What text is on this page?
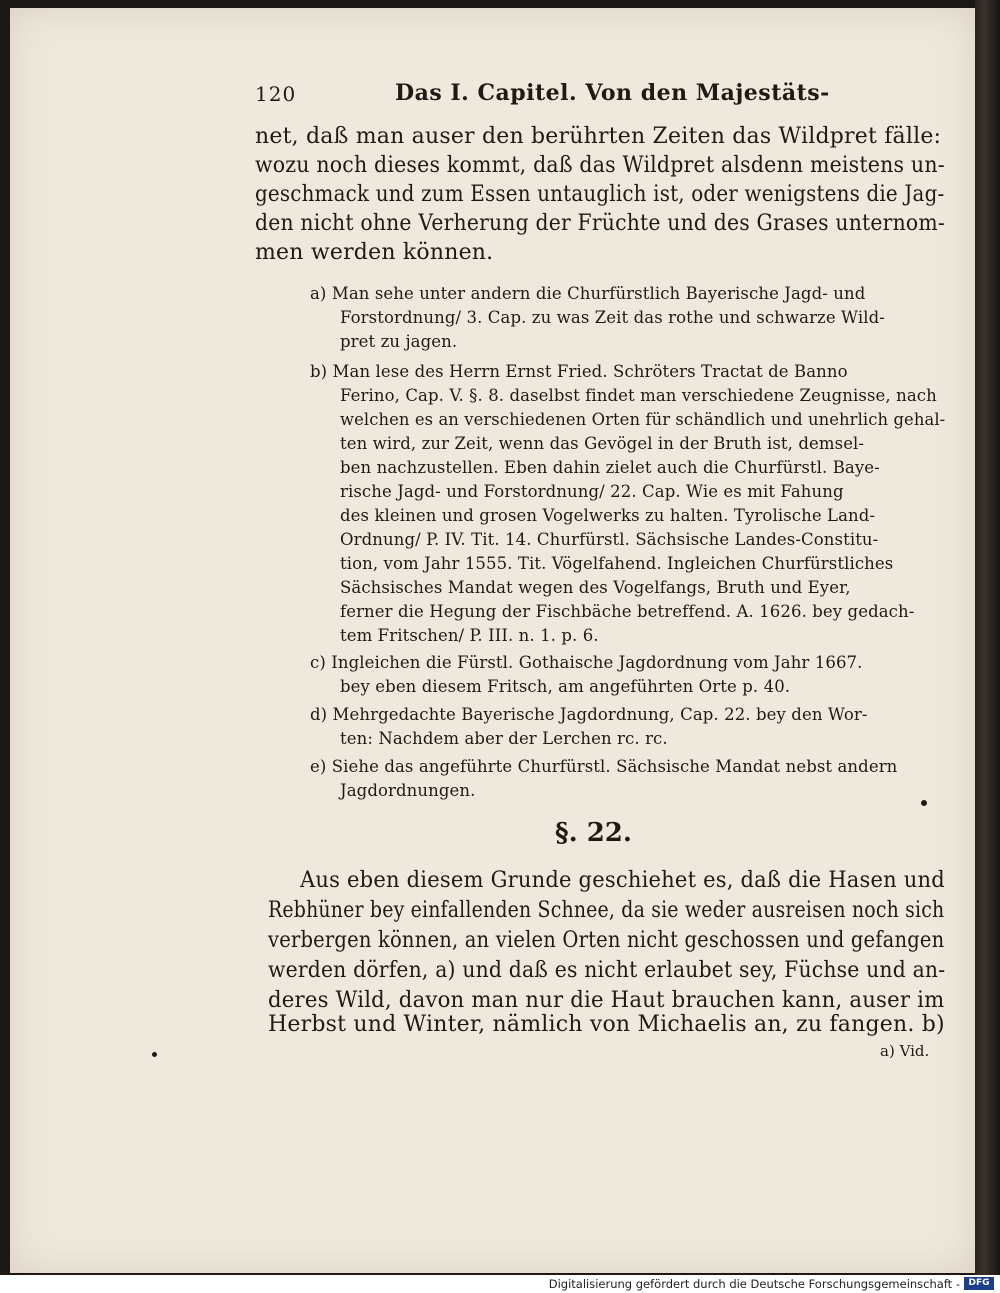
120	Das I. Capitel. Von den Majestäts-
net, daß man auser den berührten Zeiten das Wildpret fälle:
wozu noch dieses kommt, daß das Wildpret alsdenn meistens un-
geschmack und zum Essen untauglich ist, oder wenigstens die Jag-
den nicht ohne Verherung der Früchte und des Grases unternom-
men werden können.
a) Man sehe unter andern die Churfürstlich Bayerische Jagd- und
Forstordnung/ 3. Cap. zu was Zeit das rothe und schwarze Wild-
pret zu jagen.
b) Man lese des Herrn Ernst Fried. Schröters Tractat de Banno
Ferino, Cap. V. §. 8. daselbst findet man verschiedene Zeugnisse, nach
welchen es an verschiedenen Orten für schändlich und unehrlich gehal-
ten wird, zur Zeit, wenn das Gevögel in der Bruth ist, demsel-
ben nachzustellen. Eben dahin zielet auch die Churfürstl. Baye-
rische Jagd- und Forstordnung/ 22. Cap. Wie es mit Fahung
des kleinen und grosen Vogelwerks zu halten. Tyrolische Land-
Ordnung/ P. IV. Tit. 14. Churfürstl. Sächsische Landes-Constitu-
tion, vom Jahr 1555. Tit. Vögelfahend. Ingleichen Churfürstliches
Sächsisches Mandat wegen des Vogelfangs, Bruth und Eyer,
ferner die Hegung der Fischbäche betreffend. A. 1626. bey gedach-
tem Fritschen/ P. III. n. 1. p. 6.
c) Ingleichen die Fürstl. Gothaische Jagdordnung vom Jahr 1667.
bey eben diesem Fritsch, am angeführten Orte p. 40.
d) Mehrgedachte Bayerische Jagdordnung, Cap. 22. bey den Wor-
ten: Nachdem aber der Lerchen rc. rc.
e) Siehe das angeführte Churfürstl. Sächsische Mandat nebst andern
Jagdordnungen.
§. 22.
Aus eben diesem Grunde geschiehet es, daß die Hasen und
Rebhüner bey einfallenden Schnee, da sie weder ausreisen noch sich
verbergen können, an vielen Orten nicht geschossen und gefangen
werden dörfen, a) und daß es nicht erlaubet sey, Füchse und an-
deres Wild, davon man nur die Haut brauchen kann, auser im
Herbst und Winter, nämlich von Michaelis an, zu fangen. b)
a) Vid.
Digitalisierung gefördert durch die Deutsche Forschungsgemeinschaft - DFG
